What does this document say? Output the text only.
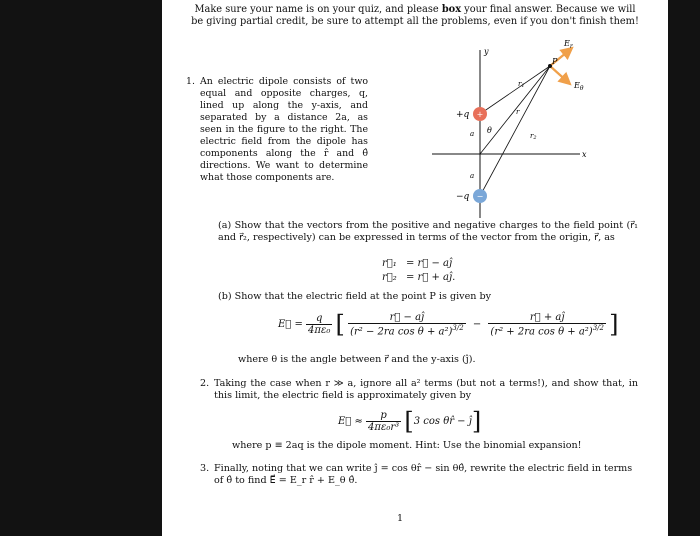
Make sure your name is on your quiz, and please box your final answer. Because we will
be giving partial credit, be sure to attempt all the problems, even if you don't finish them!
1. An electric dipole consists of two equal and opposite charges, q, lined up along the y-axis, and separated by a distance 2a, as seen in the figure to the right. The electric field from the dipole has components along the r̂ and θ̂ directions. We want to determine what those components are.
y
x
P
$E_r$
$E_\theta$
r1
r
r2
θ
a
a
+
+q
−
−q
(a) Show that the vectors from the positive and negative charges to the field point (r⃗₁ and r⃗₂, respectively) can be expressed in terms of the vector from the origin, r⃗, as
r⃗₁ = r⃗ − aĵ
r⃗₂ = r⃗ + aĵ.
(b) Show that the electric field at the point P is given by
E⃗ = $\frac{q}{\text{4πε₀}}$ [ $\frac{r⃗ - aĵ}{(r^2 - 2ra \cos \theta + a^2)^{3/2}} - \frac{r⃗ + aĵ}{(r^2 + 2ra \cos \theta + a^2)^{3/2}}$ ]
where θ is the angle between r⃗ and the y-axis (ĵ).
2. Taking the case when r ≫ a, ignore all a² terms (but not a terms!), and show that, in this limit, the electric field is approximately given by
E⃗ ≈ $\frac{p}{\text{4πε₀r³}} [3$ cos θr̂ − ĵ]
where p ≡ 2aq is the dipole moment. Hint: Use the binomial expansion!
3. Finally, noting that we can write ĵ = cos θr̂ − sin θθ̂, rewrite the electric field in terms of θ̂ to find E⃗ = E_r r̂ + E_θ θ̂.
1
